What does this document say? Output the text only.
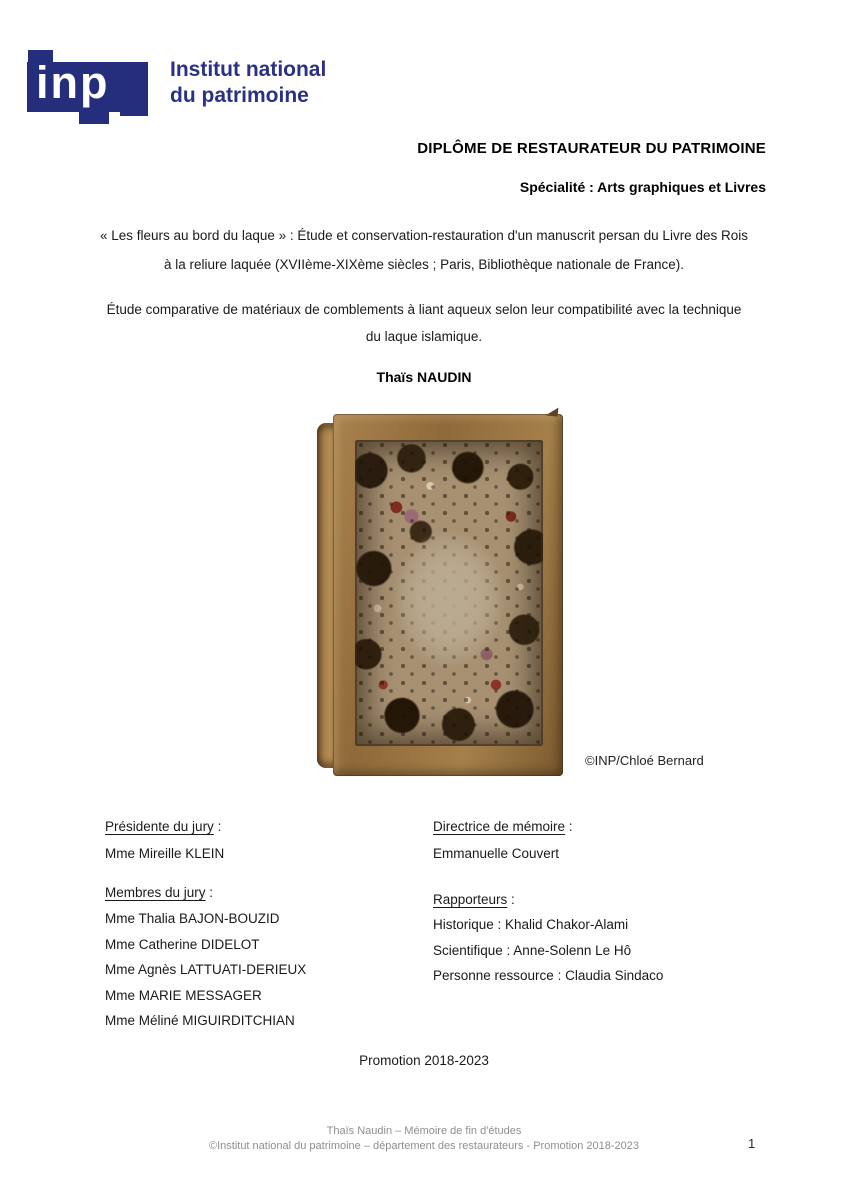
inp	Institut national
du patrimoine
DIPLÔME DE RESTAURATEUR DU PATRIMOINE
Spécialité : Arts graphiques et Livres
« Les fleurs au bord du laque » : Étude et conservation-restauration d'un manuscrit persan du Livre des Rois
à la reliure laquée (XVIIème-XIXème siècles ; Paris, Bibliothèque nationale de France).
Étude comparative de matériaux de comblements à liant aqueux selon leur compatibilité avec la technique
du laque islamique.
Thaïs NAUDIN
©INP/Chloé Bernard
Présidente du jury :
Mme Mireille KLEIN
Membres du jury :
Mme Thalia BAJON-BOUZID
Mme Catherine DIDELOT
Mme Agnès LATTUATI-DERIEUX
Mme MARIE MESSAGER
Mme Méliné MIGUIRDITCHIAN
Directrice de mémoire :
Emmanuelle Couvert
Rapporteurs :
Historique : Khalid Chakor-Alami
Scientifique : Anne-Solenn Le Hô
Personne ressource : Claudia Sindaco
Promotion 2018-2023
Thaïs Naudin – Mémoire de fin d'études
©Institut national du patrimoine – département des restaurateurs - Promotion 2018-2023	1
